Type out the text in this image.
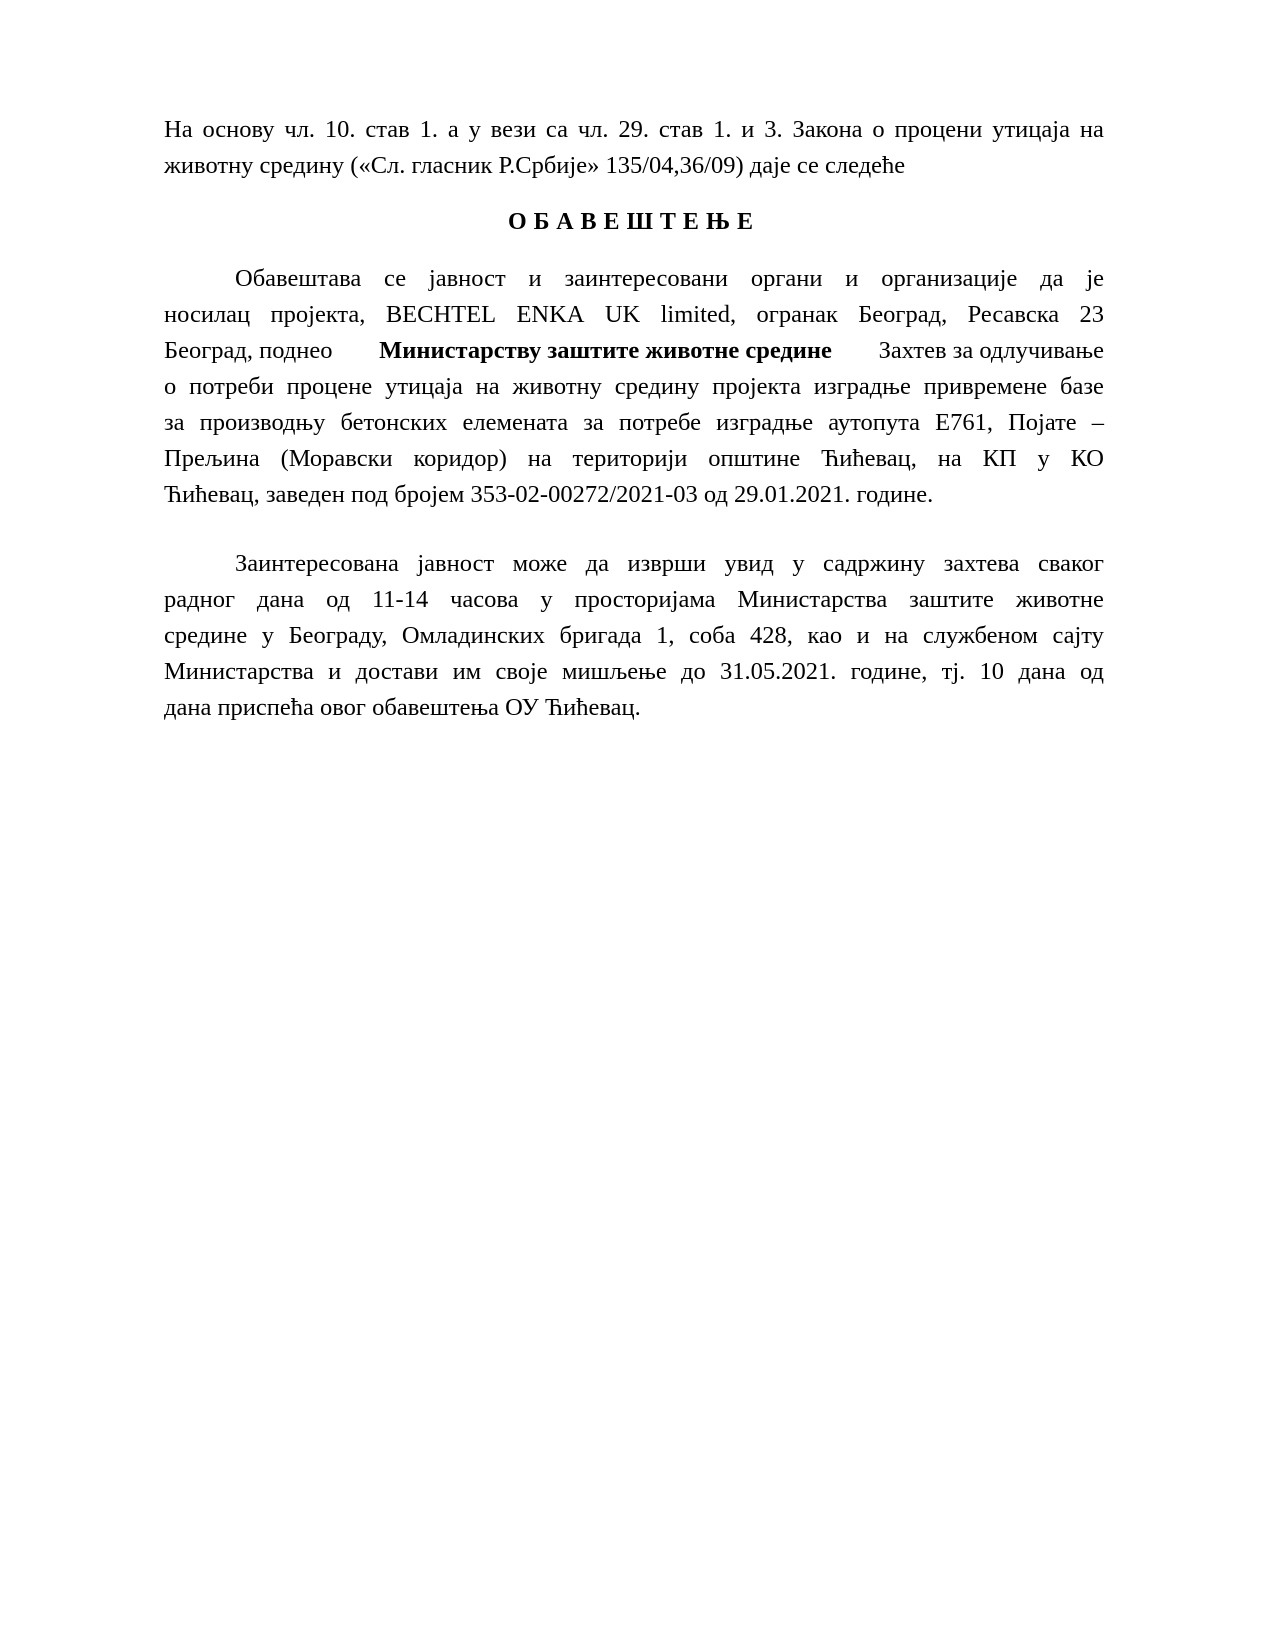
На основу чл. 10. став 1. а у вези са чл. 29. став 1. и 3. Закона о процени утицаја на
животну средину («Сл. гласник Р.Србије» 135/04,36/09) даје се следеће
ОБАВЕШТЕЊЕ
Обавештава се јавност и заинтересовани органи и организације да је
носилац пројекта, BECHTEL ENKA UK limited, огранак Београд, Ресавска 23
Београд, поднео Министарству заштите животне средине Захтев за одлучивање
о потреби процене утицаја на животну средину пројекта изградње привремене базе
за производњу бетонских елемената за потребе изградње аутопута Е761, Појате –
Прељина (Моравски коридор) на територији општине Ћићевац, на КП у КО
Ћићевац, заведен под бројем 353-02-00272/2021-03 од 29.01.2021. године.
Заинтересована јавност може да изврши увид у садржину захтева сваког
радног дана од 11-14 часова у просторијама Министарства заштите животне
средине у Београду, Омладинских бригада 1, соба 428, као и на службеном сајту
Министарства и достави им своје мишљење до 31.05.2021. године, тј. 10 дана од
дана приспећа овог обавештења ОУ Ћићевац.
